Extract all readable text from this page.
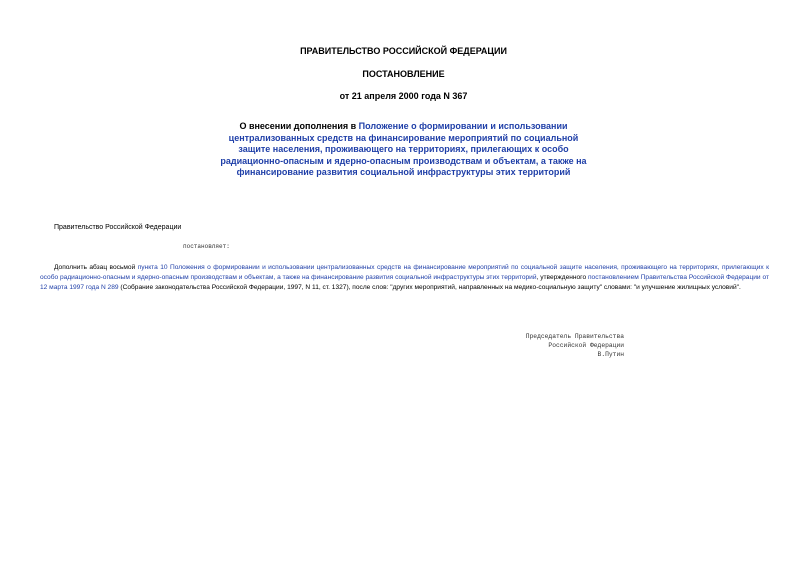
ПРАВИТЕЛЬСТВО РОССИЙСКОЙ ФЕДЕРАЦИИ
ПОСТАНОВЛЕНИЕ
от 21 апреля 2000 года N 367
О внесении дополнения в Положение о формировании и использовании централизованных средств на финансирование мероприятий по социальной защите населения, проживающего на территориях, прилегающих к особо радиационно-опасным и ядерно-опасным производствам и объектам, а также на финансирование развития социальной инфраструктуры этих территорий
Правительство Российской Федерации
постановляет:
Дополнить абзац восьмой пункта 10 Положения о формировании и использовании централизованных средств на финансирование мероприятий по социальной защите населения, проживающего на территориях, прилегающих к особо радиационно-опасным и ядерно-опасным производствам и объектам, а также на финансирование развития социальной инфраструктуры этих территорий, утвержденного постановлением Правительства Российской Федерации от 12 марта 1997 года N 289 (Собрание законодательства Российской Федерации, 1997, N 11, ст. 1327), после слов: "других мероприятий, направленных на медико-социальную защиту" словами: "и улучшение жилищных условий".
Председатель Правительства
Российской Федерации
В.Путин
